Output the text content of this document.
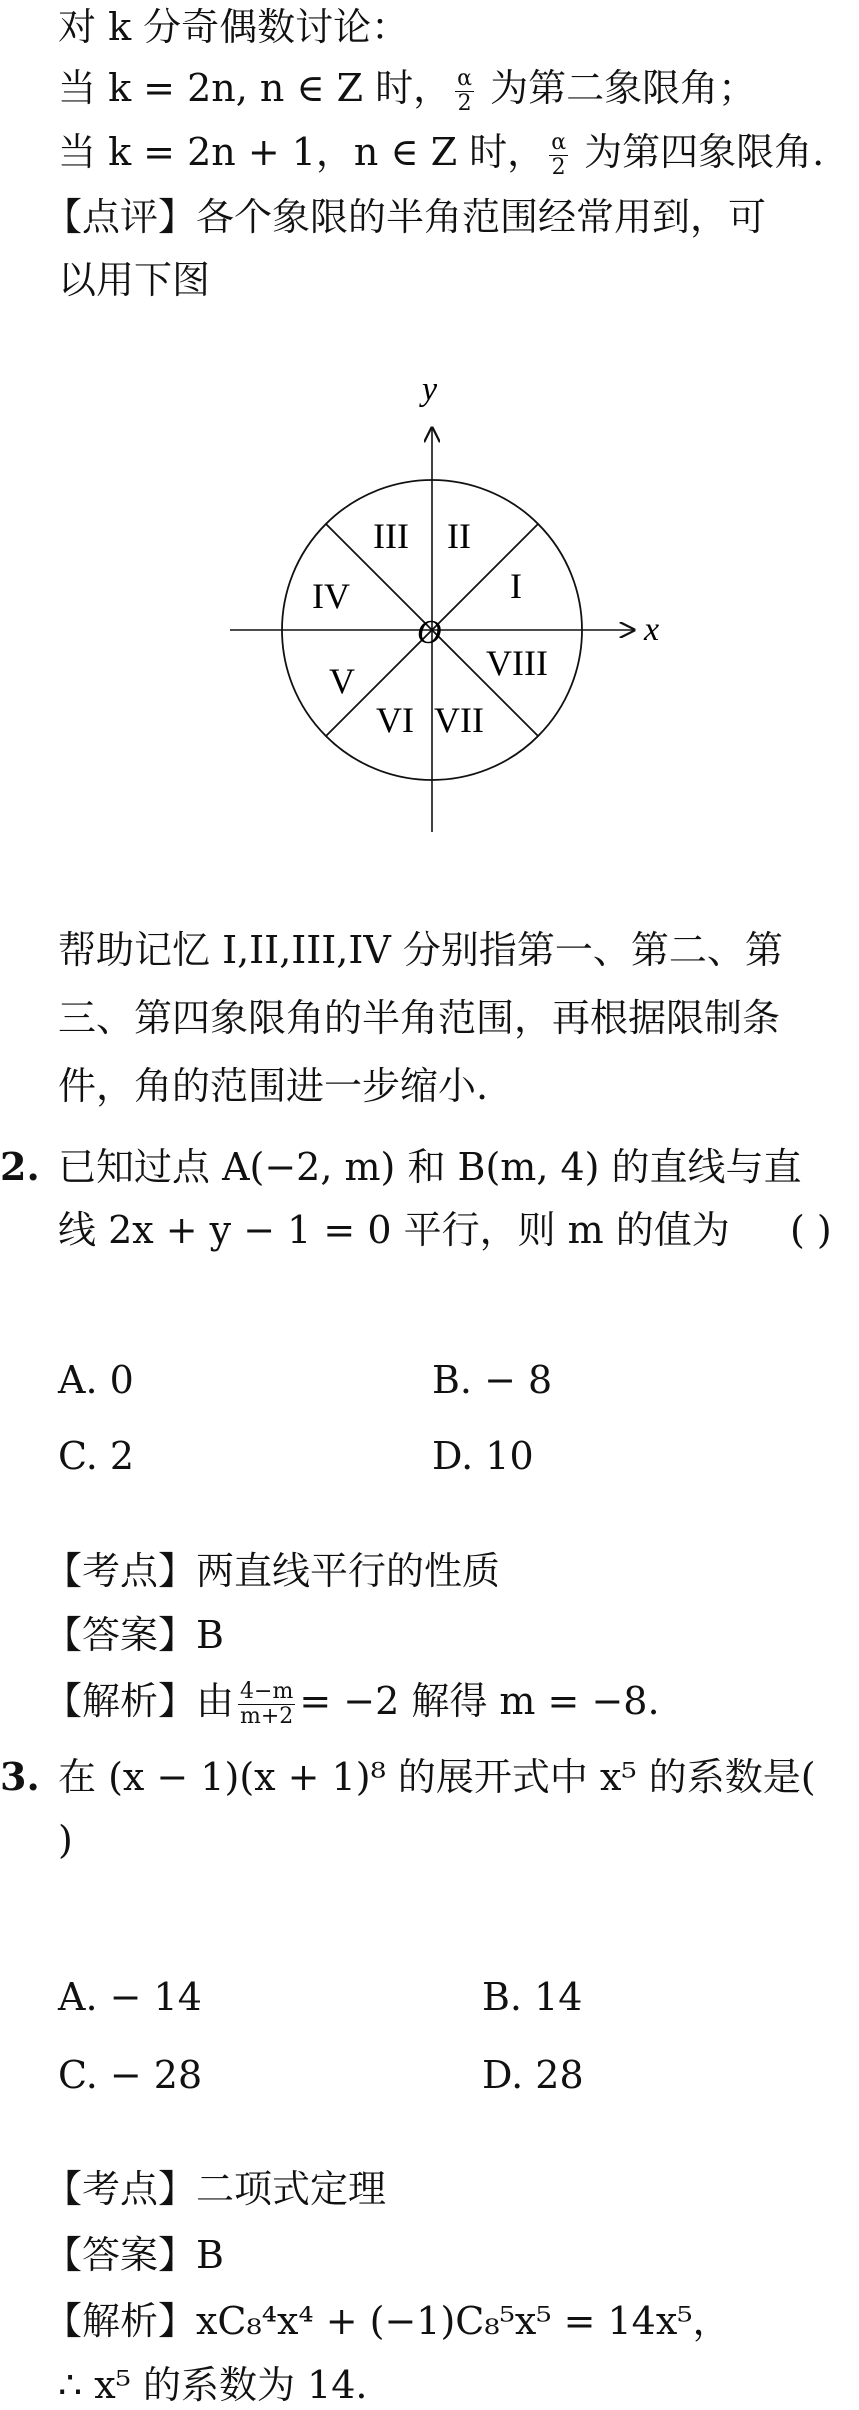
对 k 分奇偶数讨论：
当 k = 2n, n ∈ Z 时， $\frac{\alpha}{2}$ 为第二象限角；
当 k = 2n + 1，n ∈ Z 时， $\frac{\alpha}{2}$ 为第四象限角.
【点评】各个象限的半角范围经常用到，可
以用下图
y
x
O
I
II
III
IV
V
VI VII
VIII
帮助记忆 I,II,III,IV 分别指第一、第二、第
三、第四象限角的半角范围，再根据限制条
件，角的范围进一步缩小.
2. 已知过点 A(−2, m) 和 B(m, 4) 的直线与直
线 2x + y − 1 = 0 平行，则 m 的值为 ( )
A. 0	B. − 8
C. 2	D. 10
【考点】两直线平行的性质
【答案】B
【解析】由 $\frac{4-m}{m+2} = -2$ 解得 m = −8.
3. 在 (x − 1)(x + 1)⁸ 的展开式中 x⁵ 的系数是(
)
A. − 14	B. 14
C. − 28	D. 28
【考点】二项式定理
【答案】B
【解析】xC₈⁴x⁴ + (−1)C₈⁵x⁵ = 14x⁵，
∴ x⁵ 的系数为 14.
